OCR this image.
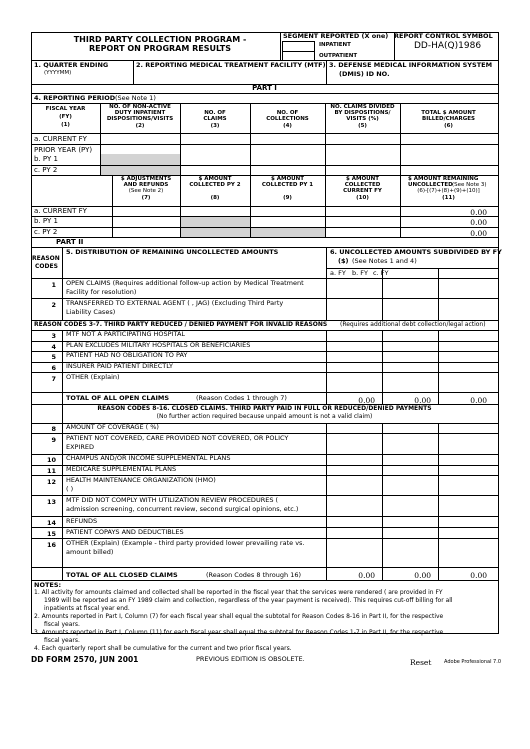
THIRD PARTY COLLECTION PROGRAM -
REPORT ON PROGRAM RESULTS
SEGMENT REPORTED (X one) REPORT CONTROL SYMBOL
INPATIENT
OUTPATIENT
DD-HA(Q)1986
1. QUARTER ENDING
(YYYYMM)
2. REPORTING MEDICAL TREATMENT FACILITY (MTF) 3. DEFENSE MEDICAL INFORMATION SYSTEM
(DMIS) ID NO.
PART I
4. REPORTING PERIOD (See Note 1)
FISCAL YEAR
(FY)
(1)
NO. OF NON-ACTIVE
DUTY INPATIENT
DISPOSITIONS/VISITS
(2)
NO. OF
CLAIMS
(3)
NO. OF
COLLECTIONS
(4)
NO. CLAIMS DIVIDED
BY DISPOSITIONS/
VISITS (%)
(5)
TOTAL $ AMOUNT
BILLED/CHARGES
(6)
a. CURRENT FY
PRIOR YEAR (PY)
b. PY 1
c. PY 2
$ ADJUSTMENTS
AND REFUNDS
(See Note 2)
(7)
$ AMOUNT
COLLECTED PY 2
(8)
$ AMOUNT
COLLECTED PY 1
(9)
$ AMOUNT
COLLECTED
CURRENT FY
(10)
$ AMOUNT REMAINING
UNCOLLECTED (See Note 3)
(6)-[(7)+(8)+(9)+(10)]
(11)
a. CURRENT FY	0.00
b. PY 1	0.00
c. PY 2	0.00
PART II
REASON
CODES
5. DISTRIBUTION OF REMAINING UNCOLLECTED AMOUNTS	6. UNCOLLECTED AMOUNTS SUBDIVIDED BY FY
($) (See Notes 1 and 4)
a. FY b. FY c. FY
1 OPEN CLAIMS (Requires additional follow-up action by Medical Treatment
Facility for resolution)
2 TRANSFERRED TO EXTERNAL AGENT ( , JAG) (Excluding Third Party
Liability Cases)
REASON CODES 3-7. THIRD PARTY REDUCED / DENIED PAYMENT FOR INVALID REASONS (Requires additional debt collection/legal action)
3 MTF NOT A PARTICIPATING HOSPITAL
4 PLAN EXCLUDES MILITARY HOSPITALS OR BENEFICIARIES
5 PATIENT HAD NO OBLIGATION TO PAY
6 INSURER PAID PATIENT DIRECTLY
7 OTHER (Explain)
TOTAL OF ALL OPEN CLAIMS	(Reason Codes 1 through 7)	0.00	0.00	0.00
REASON CODES 8-16. CLOSED CLAIMS. THIRD PARTY PAID IN FULL OR REDUCED/DENIED PAYMENTS
(No further action required because unpaid amount is not a valid claim)
8 AMOUNT OF COVERAGE ( %)
9 PATIENT NOT COVERED, CARE PROVIDED NOT COVERED, OR POLICY
EXPIRED
10 CHAMPUS AND/OR INCOME SUPPLEMENTAL PLANS
11 MEDICARE SUPPLEMENTAL PLANS
12 HEALTH MAINTENANCE ORGANIZATION (HMO)
( )
13 MTF DID NOT COMPLY WITH UTILIZATION REVIEW PROCEDURES (
admission screening, concurrent review, second surgical opinions, etc.)
14 REFUNDS
15 PATIENT COPAYS AND DEDUCTIBLES
16 OTHER (Explain) (Example - third party provided lower prevailing rate vs.
amount billed)
TOTAL OF ALL CLOSED CLAIMS	(Reason Codes 8 through 16)	0.00	0.00	0.00
NOTES:
1. All activity for amounts claimed and collected shall be reported in the fiscal year that the services were rendered ( are provided in FY
1989 will be reported as an FY 1989 claim and collection, regardless of the year payment is received). This requires cut-off billing for all
inpatients at fiscal year end.
2. Amounts reported in Part I, Column (7) for each fiscal year shall equal the subtotal for Reason Codes 8-16 in Part II, for the respective
fiscal years.
3. Amounts reported in Part I, Column (11) for each fiscal year shall equal the subtotal for Reason Codes 1-7 in Part II, for the respective
fiscal years.
4. Each quarterly report shall be cumulative for the current and two prior fiscal years.
DD FORM 2570, JUN 2001	PREVIOUS EDITION IS OBSOLETE.	Reset	Adobe Professional 7.0
